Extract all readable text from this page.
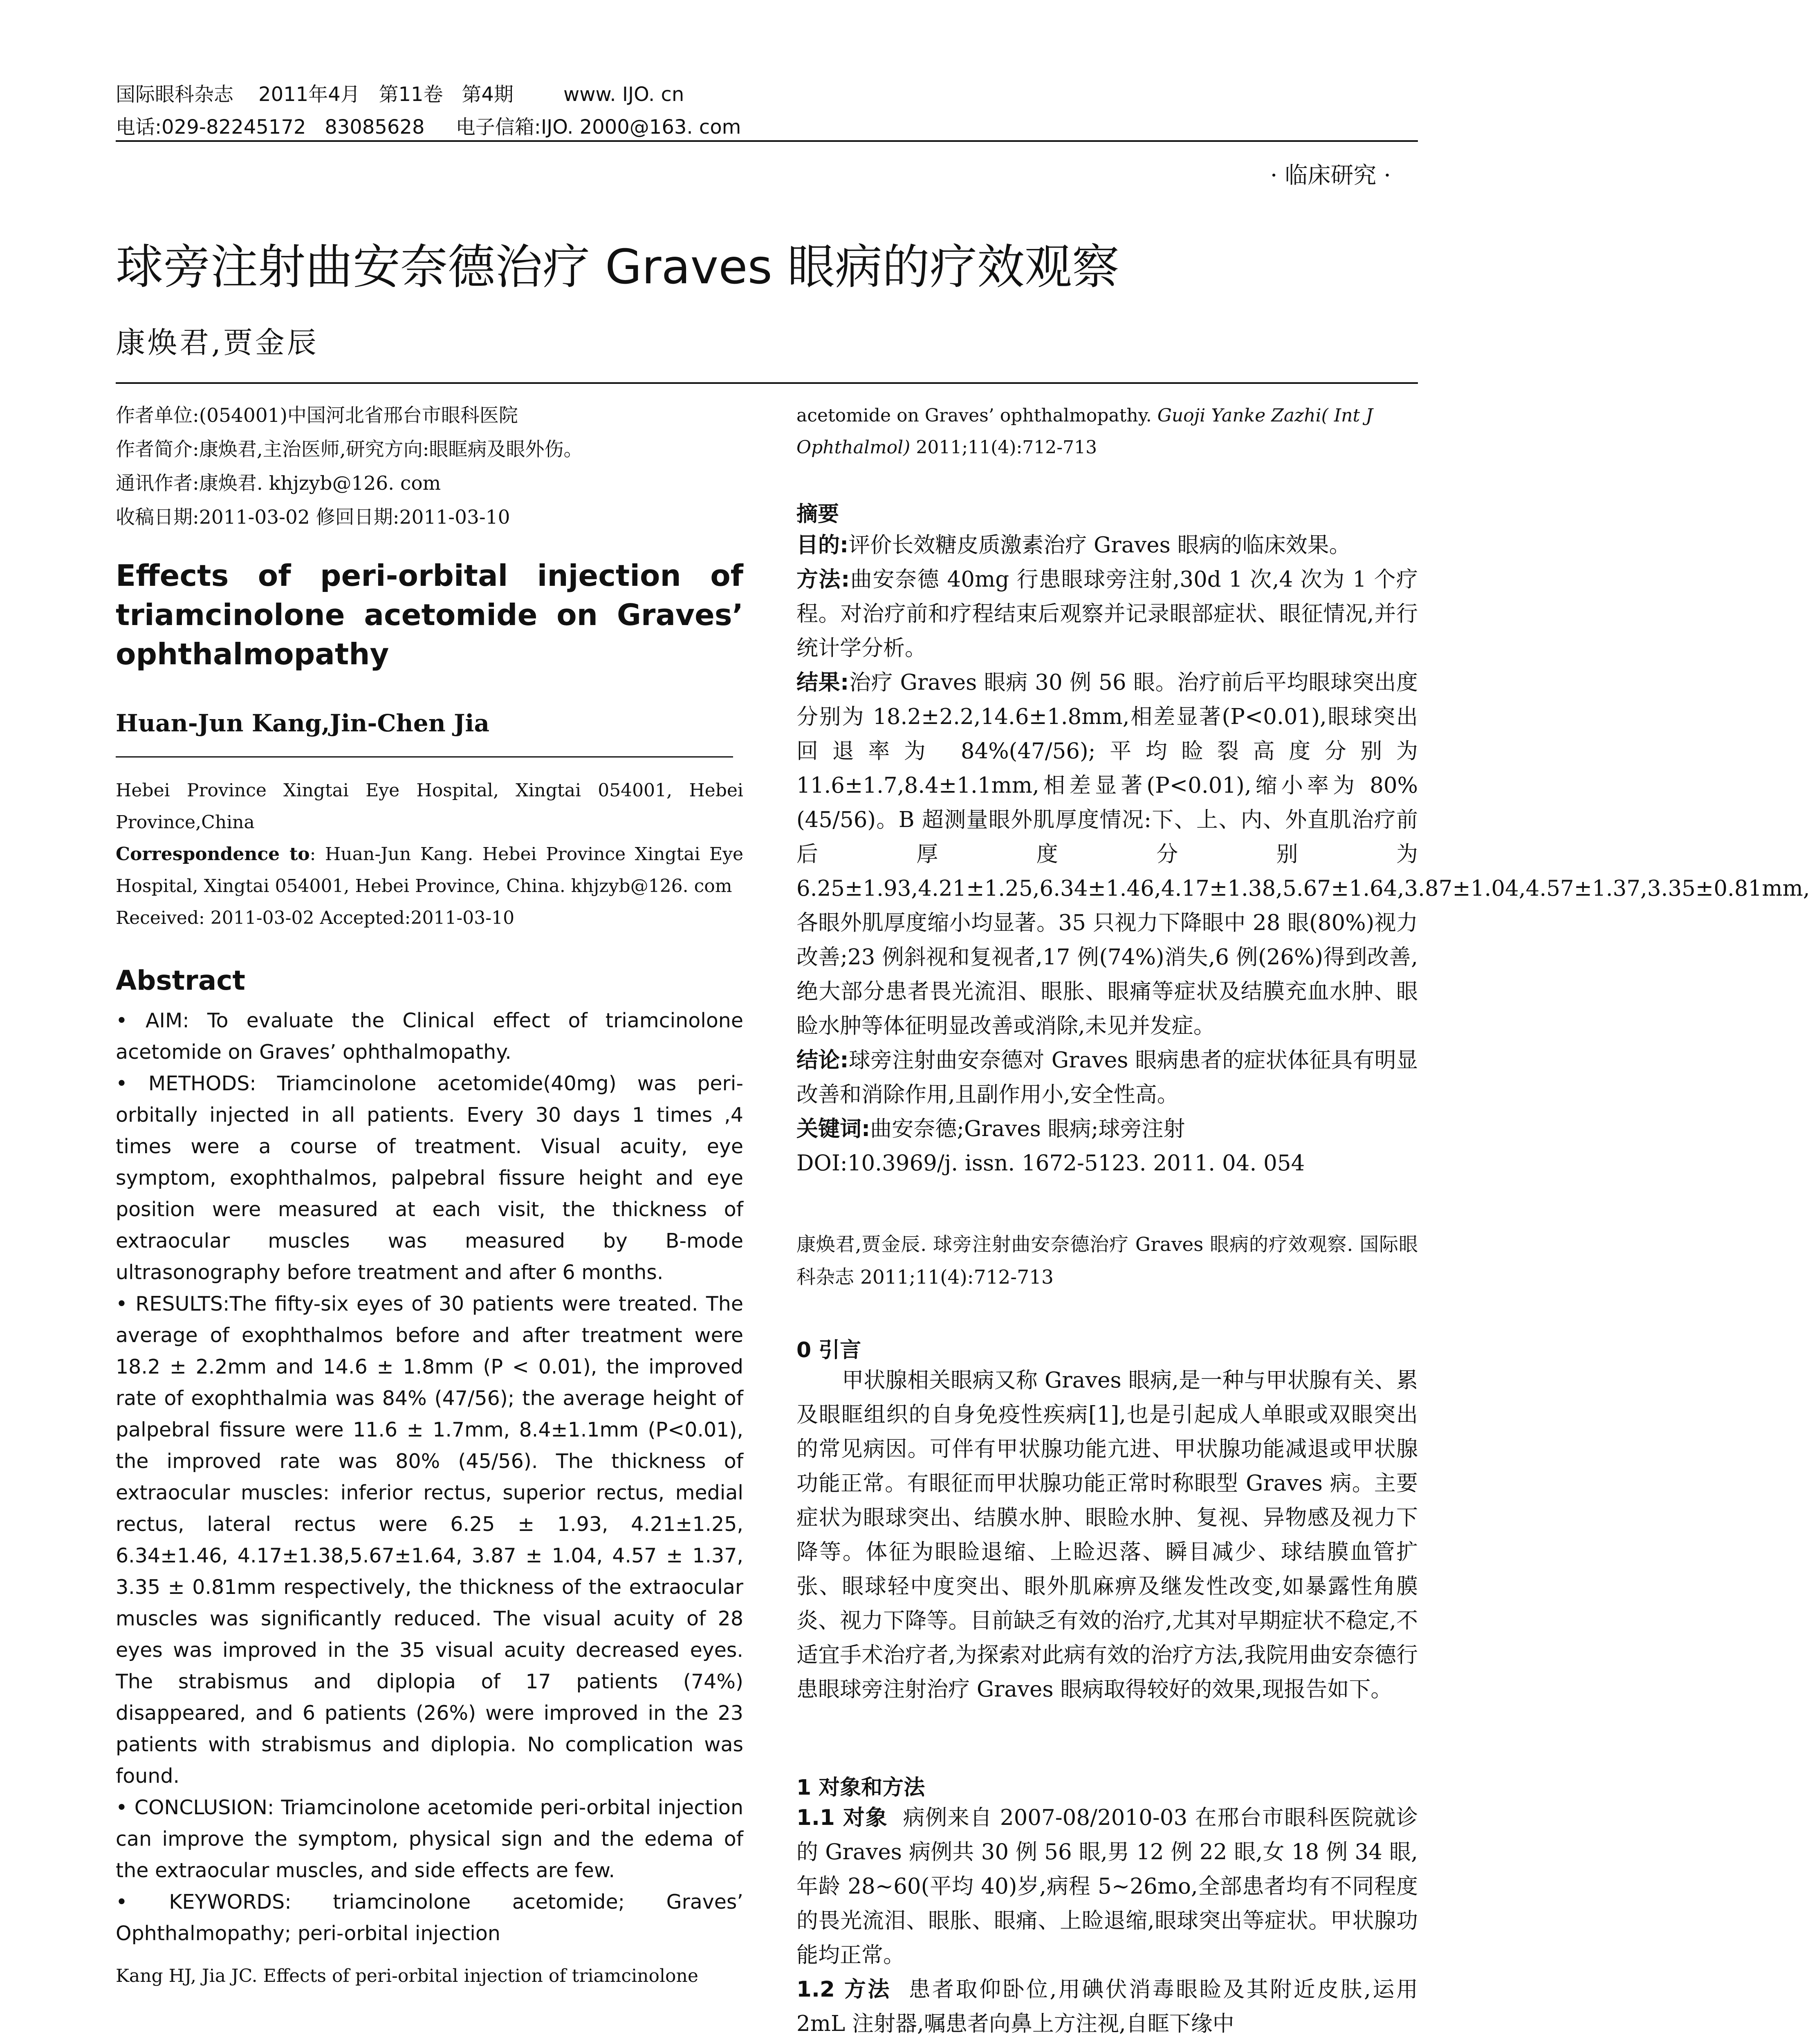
国际眼科杂志    2011年4月   第11卷   第4期        www. IJO. cn
电话:029-82245172   83085628     电子信箱:IJO. 2000@163. com
· 临床研究 ·
球旁注射曲安奈德治疗 Graves 眼病的疗效观察
康焕君,贾金辰
作者单位:(054001)中国河北省邢台市眼科医院
作者简介:康焕君,主治医师,研究方向:眼眶病及眼外伤。
通讯作者:康焕君. khjzyb@126. com
收稿日期:2011-03-02 修回日期:2011-03-10
Effects of peri-orbital injection of triamcinolone acetomide on Graves’ ophthalmopathy
Huan-Jun Kang,Jin-Chen Jia
Hebei Province Xingtai Eye Hospital, Xingtai 054001, Hebei Province,China
Correspondence to: Huan-Jun Kang. Hebei Province Xingtai Eye Hospital, Xingtai 054001, Hebei Province, China. khjzyb@126. com
Received: 2011-03-02 Accepted:2011-03-10
Abstract

• AIM: To evaluate the Clinical effect of triamcinolone acetomide on Graves’ ophthalmopathy.

• METHODS: Triamcinolone acetomide(40mg) was peri-orbitally injected in all patients. Every 30 days 1 times ,4 times were a course of treatment. Visual acuity, eye symptom, exophthalmos, palpebral fissure height and eye position were measured at each visit, the thickness of extraocular muscles was measured by B-mode ultrasonography before treatment and after 6 months.

• RESULTS:The fifty-six eyes of 30 patients were treated. The average of exophthalmos before and after treatment were 18.2 ± 2.2mm and 14.6 ± 1.8mm (P < 0.01), the improved rate of exophthalmia was 84% (47/56); the average height of palpebral fissure were 11.6 ± 1.7mm, 8.4±1.1mm (P<0.01), the improved rate was 80% (45/56). The thickness of extraocular muscles: inferior rectus, superior rectus, medial rectus, lateral rectus were 6.25 ± 1.93, 4.21±1.25, 6.34±1.46, 4.17±1.38,5.67±1.64, 3.87 ± 1.04, 4.57 ± 1.37, 3.35 ± 0.81mm respectively, the thickness of the extraocular muscles was significantly reduced. The visual acuity of 28 eyes was improved in the 35 visual acuity decreased eyes. The strabismus and diplopia of 17 patients (74%) disappeared, and 6 patients (26%) were improved in the 23 patients with strabismus and diplopia. No complication was found.

• CONCLUSION: Triamcinolone acetomide peri-orbital injection can improve the symptom, physical sign and the edema of the extraocular muscles, and side effects are few.

• KEYWORDS: triamcinolone acetomide; Graves’ Ophthalmopathy; peri-orbital injection

Kang HJ, Jia JC. Effects of peri-orbital injection of triamcinolone
acetomide on Graves’ ophthalmopathy. Guoji Yanke Zazhi( Int J Ophthalmol) 2011;11(4):712-713
摘要

目的:评价长效糖皮质激素治疗 Graves 眼病的临床效果。

方法:曲安奈德 40mg 行患眼球旁注射,30d 1 次,4 次为 1 个疗程。对治疗前和疗程结束后观察并记录眼部症状、眼征情况,并行统计学分析。

结果:治疗 Graves 眼病 30 例 56 眼。治疗前后平均眼球突出度分别为 18.2±2.2,14.6±1.8mm,相差显著(P<0.01),眼球突出回退率为 84%(47/56);平均睑裂高度分别为 11.6±1.7,8.4±1.1mm,相差显著(P<0.01),缩小率为 80%(45/56)。B 超测量眼外肌厚度情况:下、上、内、外直肌治疗前后厚度分别为 6.25±1.93,4.21±1.25,6.34±1.46,4.17±1.38,5.67±1.64,3.87±1.04,4.57±1.37,3.35±0.81mm,各眼外肌厚度缩小均显著。35 只视力下降眼中 28 眼(80%)视力改善;23 例斜视和复视者,17 例(74%)消失,6 例(26%)得到改善,绝大部分患者畏光流泪、眼胀、眼痛等症状及结膜充血水肿、眼睑水肿等体征明显改善或消除,未见并发症。

结论:球旁注射曲安奈德对 Graves 眼病患者的症状体征具有明显改善和消除作用,且副作用小,安全性高。

关键词:曲安奈德;Graves 眼病;球旁注射

DOI:10.3969/j. issn. 1672-5123. 2011. 04. 054

康焕君,贾金辰. 球旁注射曲安奈德治疗 Graves 眼病的疗效观察. 国际眼科杂志 2011;11(4):712-713
0 引言
甲状腺相关眼病又称 Graves 眼病,是一种与甲状腺有关、累及眼眶组织的自身免疫性疾病[1],也是引起成人单眼或双眼突出的常见病因。可伴有甲状腺功能亢进、甲状腺功能减退或甲状腺功能正常。有眼征而甲状腺功能正常时称眼型 Graves 病。主要症状为眼球突出、结膜水肿、眼睑水肿、复视、异物感及视力下降等。体征为眼睑退缩、上睑迟落、瞬目减少、球结膜血管扩张、眼球轻中度突出、眼外肌麻痹及继发性改变,如暴露性角膜炎、视力下降等。目前缺乏有效的治疗,尤其对早期症状不稳定,不适宜手术治疗者,为探索对此病有效的治疗方法,我院用曲安奈德行患眼球旁注射治疗 Graves 眼病取得较好的效果,现报告如下。
1 对象和方法

1.1 对象 病例来自 2007-08/2010-03 在邢台市眼科医院就诊的 Graves 病例共 30 例 56 眼,男 12 例 22 眼,女 18 例 34 眼,年龄 28~60(平均 40)岁,病程 5~26mo,全部患者均有不同程度的畏光流泪、眼胀、眼痛、上睑退缩,眼球突出等症状。甲状腺功能均正常。

1.2 方法 患者取仰卧位,用碘伏消毒眼睑及其附近皮肤,运用 2mL 注射器,嘱患者向鼻上方注视,自眶下缘中
